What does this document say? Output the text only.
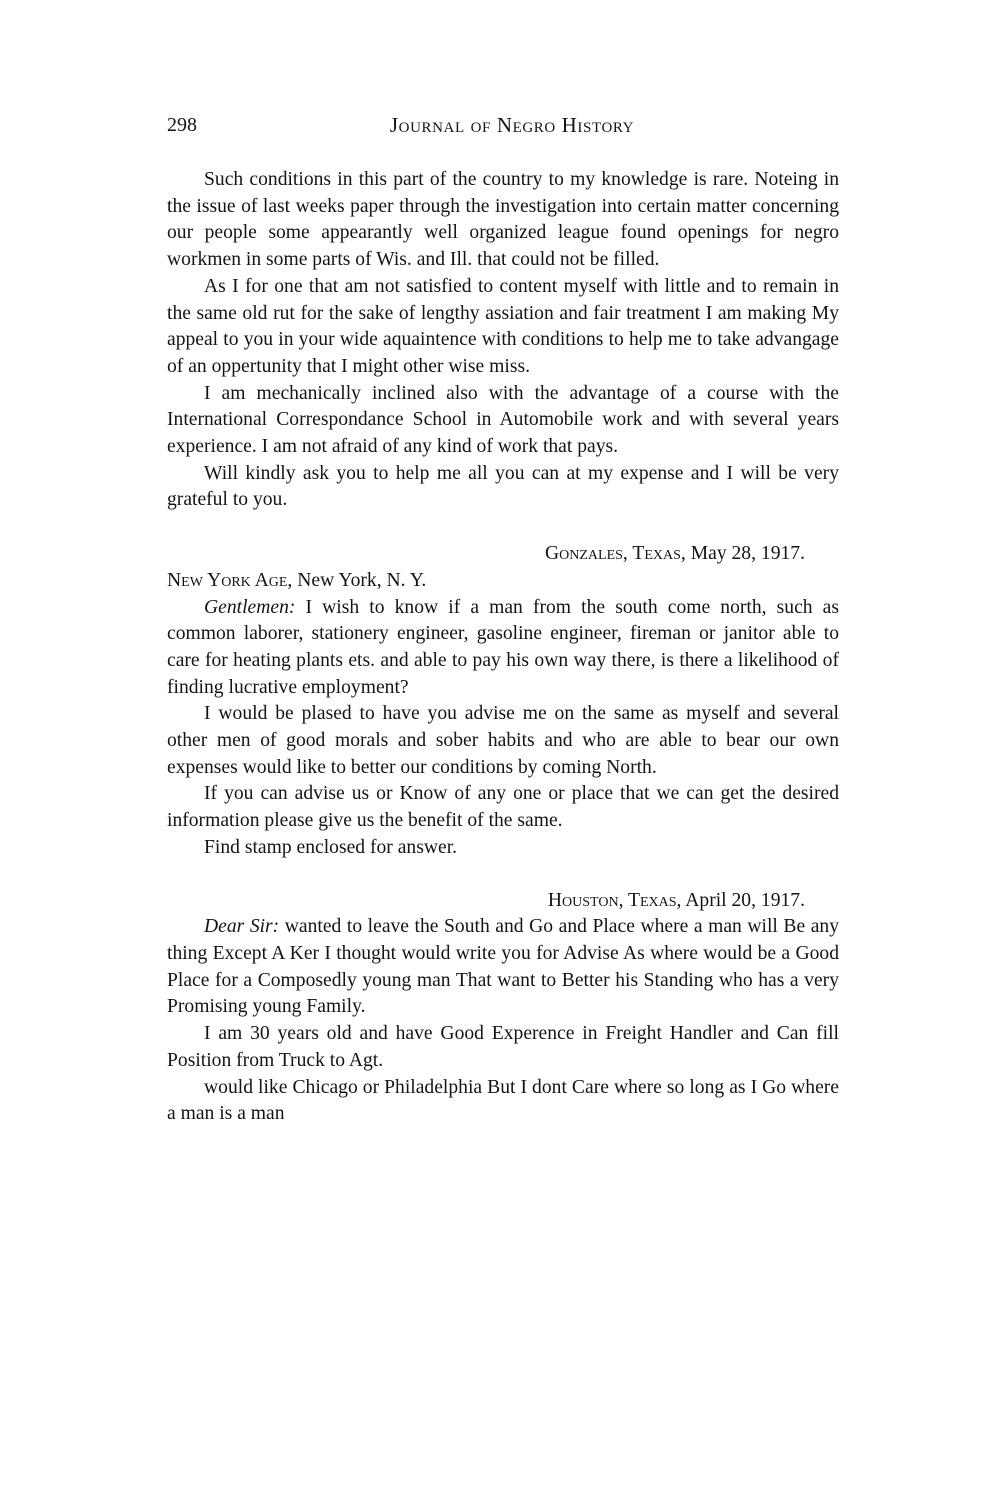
298	Journal of Negro History

Such conditions in this part of the country to my knowledge is rare. Noteing in the issue of last weeks paper through the investigation into certain matter concerning our people some appearantly well organized league found openings for negro workmen in some parts of Wis. and Ill. that could not be filled.

As I for one that am not satisfied to content myself with little and to remain in the same old rut for the sake of lengthy assiation and fair treatment I am making My appeal to you in your wide aquaintence with conditions to help me to take advangage of an oppertunity that I might other wise miss.

I am mechanically inclined also with the advantage of a course with the International Correspondance School in Automobile work and with several years experience. I am not afraid of any kind of work that pays.

Will kindly ask you to help me all you can at my expense and I will be very grateful to you.

Gonzales, Texas, May 28, 1917.

New York Age, New York, N. Y.

Gentlemen: I wish to know if a man from the south come north, such as common laborer, stationery engineer, gasoline engineer, fireman or janitor able to care for heating plants ets. and able to pay his own way there, is there a likelihood of finding lucrative employment?

I would be plased to have you advise me on the same as myself and several other men of good morals and sober habits and who are able to bear our own expenses would like to better our conditions by coming North.

If you can advise us or Know of any one or place that we can get the desired information please give us the benefit of the same.

Find stamp enclosed for answer.

Houston, Texas, April 20, 1917.

Dear Sir: wanted to leave the South and Go and Place where a man will Be any thing Except A Ker I thought would write you for Advise As where would be a Good Place for a Composedly young man That want to Better his Standing who has a very Promising young Family.

I am 30 years old and have Good Experence in Freight Handler and Can fill Position from Truck to Agt.

would like Chicago or Philadelphia But I dont Care where so long as I Go where a man is a man
